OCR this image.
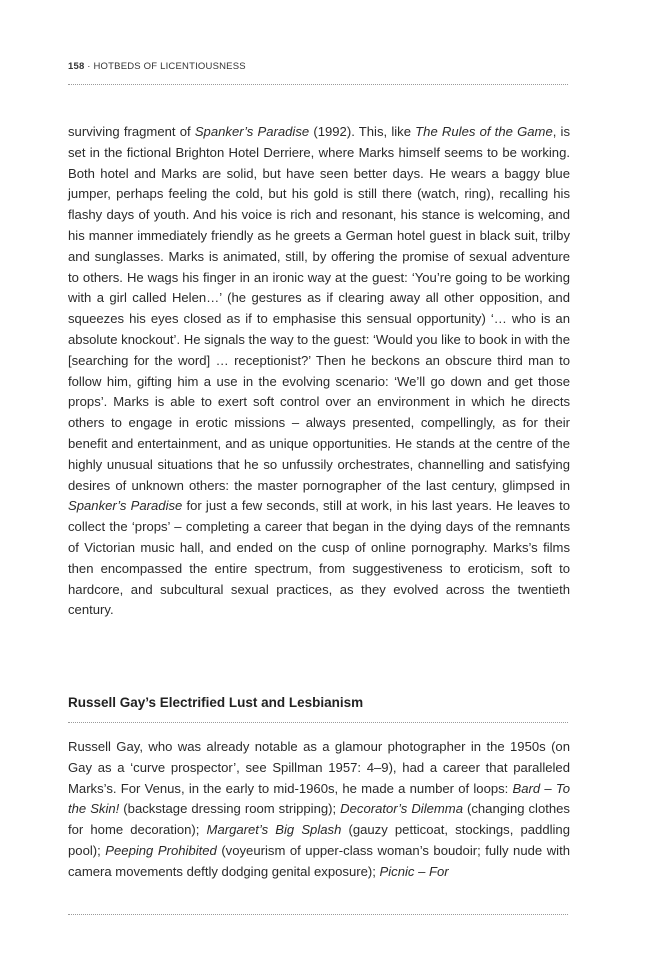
158 · HOTBEDS OF LICENTIOUSNESS

surviving fragment of Spanker’s Paradise (1992). This, like The Rules of the Game, is set in the fictional Brighton Hotel Derriere, where Marks himself seems to be working. Both hotel and Marks are solid, but have seen better days. He wears a baggy blue jumper, perhaps feeling the cold, but his gold is still there (watch, ring), recalling his flashy days of youth. And his voice is rich and resonant, his stance is welcoming, and his manner immediately friendly as he greets a German hotel guest in black suit, trilby and sunglasses. Marks is animated, still, by offering the promise of sexual adventure to others. He wags his finger in an ironic way at the guest: ‘You’re going to be working with a girl called Helen…’ (he gestures as if clearing away all other opposition, and squeezes his eyes closed as if to emphasise this sensual opportunity) ‘… who is an absolute knockout’. He signals the way to the guest: ‘Would you like to book in with the [searching for the word] … receptionist?’ Then he beckons an obscure third man to follow him, gifting him a use in the evolving scenario: ‘We’ll go down and get those props’. Marks is able to exert soft control over an environment in which he directs others to engage in erotic missions – always presented, compellingly, as for their benefit and entertainment, and as unique opportunities. He stands at the centre of the highly unusual situations that he so unfussily orchestrates, channelling and satisfying desires of unknown others: the master pornographer of the last century, glimpsed in Spanker’s Paradise for just a few seconds, still at work, in his last years. He leaves to collect the ‘props’ – completing a career that began in the dying days of the remnants of Victorian music hall, and ended on the cusp of online pornography. Marks’s films then encompassed the entire spectrum, from suggestiveness to eroticism, soft to hardcore, and subcultural sexual practices, as they evolved across the twentieth century.

Russell Gay’s Electrified Lust and Lesbianism

Russell Gay, who was already notable as a glamour photographer in the 1950s (on Gay as a ‘curve prospector’, see Spillman 1957: 4–9), had a career that paralleled Marks’s. For Venus, in the early to mid-1960s, he made a number of loops: Bard – To the Skin! (backstage dressing room stripping); Decorator’s Dilemma (changing clothes for home decoration); Margaret’s Big Splash (gauzy petticoat, stockings, paddling pool); Peeping Prohibited (voyeurism of upper-class woman’s boudoir; fully nude with camera movements deftly dodging genital exposure); Picnic – For
